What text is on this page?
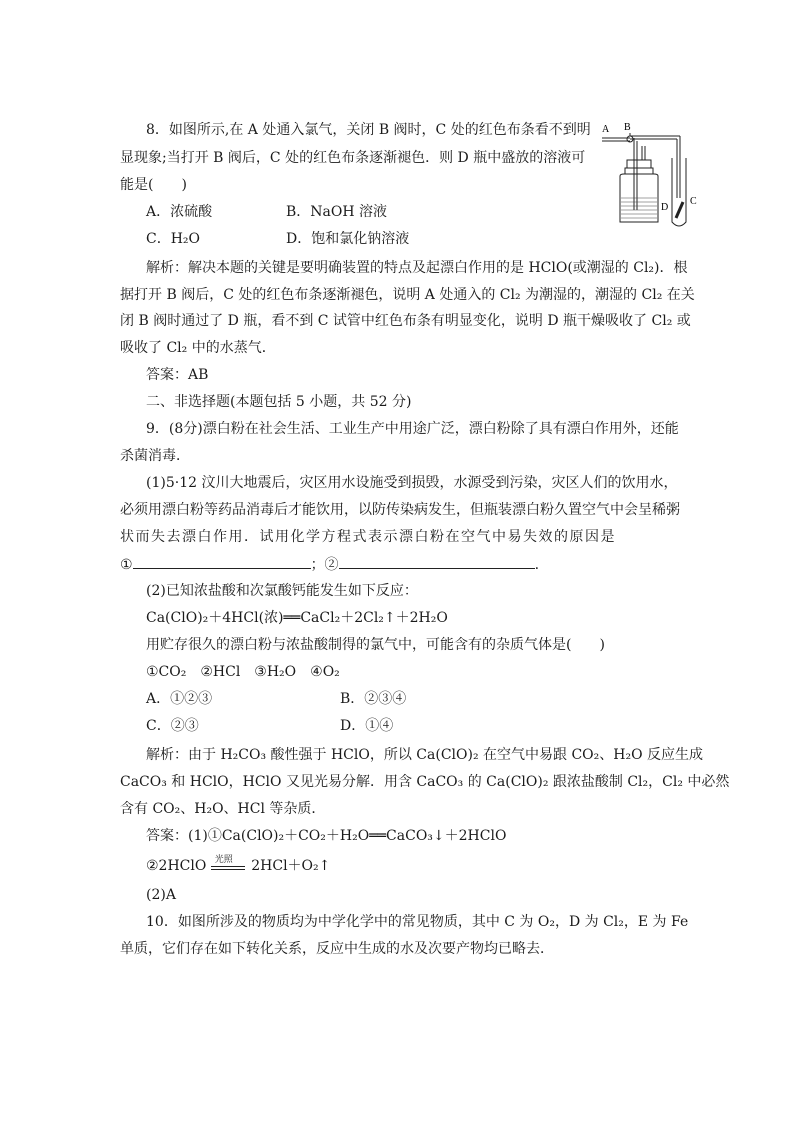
8．如图所示,在 A 处通入氯气，关闭 B 阀时，C 处的红色布条看不到明
显现象;当打开 B 阀后，C 处的红色布条逐渐褪色．则 D 瓶中盛放的溶液可
能是(　　)
A．浓硫酸	B．NaOH 溶液
C．H₂O	D．饱和氯化钠溶液
A B
C
D
解析：解决本题的关键是要明确装置的特点及起漂白作用的是 HClO(或潮湿的 Cl₂)．根
据打开 B 阀后，C 处的红色布条逐渐褪色，说明 A 处通入的 Cl₂ 为潮湿的，潮湿的 Cl₂ 在关
闭 B 阀时通过了 D 瓶，看不到 C 试管中红色布条有明显变化，说明 D 瓶干燥吸收了 Cl₂ 或
吸收了 Cl₂ 中的水蒸气．
答案：AB
二、非选择题(本题包括 5 小题，共 52 分)
9．(8分)漂白粉在社会生活、工业生产中用途广泛，漂白粉除了具有漂白作用外，还能
杀菌消毒．
(1)5·12 汶川大地震后，灾区用水设施受到损毁，水源受到污染，灾区人们的饮用水，
必须用漂白粉等药品消毒后才能饮用，以防传染病发生，但瓶装漂白粉久置空气中会呈稀粥
状而失去漂白作用．试用化学方程式表示漂白粉在空气中易失效的原因是
①	；②	.
(2)已知浓盐酸和次氯酸钙能发生如下反应：
Ca(ClO)₂＋4HCl(浓)══CaCl₂＋2Cl₂↑＋2H₂O
用贮存很久的漂白粉与浓盐酸制得的氯气中，可能含有的杂质气体是(　　)
①CO₂　②HCl　③H₂O　④O₂
A．①②③	B．②③④
C．②③	D．①④
解析：由于 H₂CO₃ 酸性强于 HClO，所以 Ca(ClO)₂ 在空气中易跟 CO₂、H₂O 反应生成
CaCO₃ 和 HClO，HClO 又见光易分解．用含 CaCO₃ 的 Ca(ClO)₂ 跟浓盐酸制 Cl₂，Cl₂ 中必然
含有 CO₂、H₂O、HCl 等杂质．
答案：(1)①Ca(ClO)₂＋CO₂＋H₂O══CaCO₃↓＋2HClO
②2HClO 光照 2HCl＋O₂↑
(2)A
10．如图所涉及的物质均为中学化学中的常见物质，其中 C 为 O₂，D 为 Cl₂，E 为 Fe
单质，它们存在如下转化关系，反应中生成的水及次要产物均已略去．
